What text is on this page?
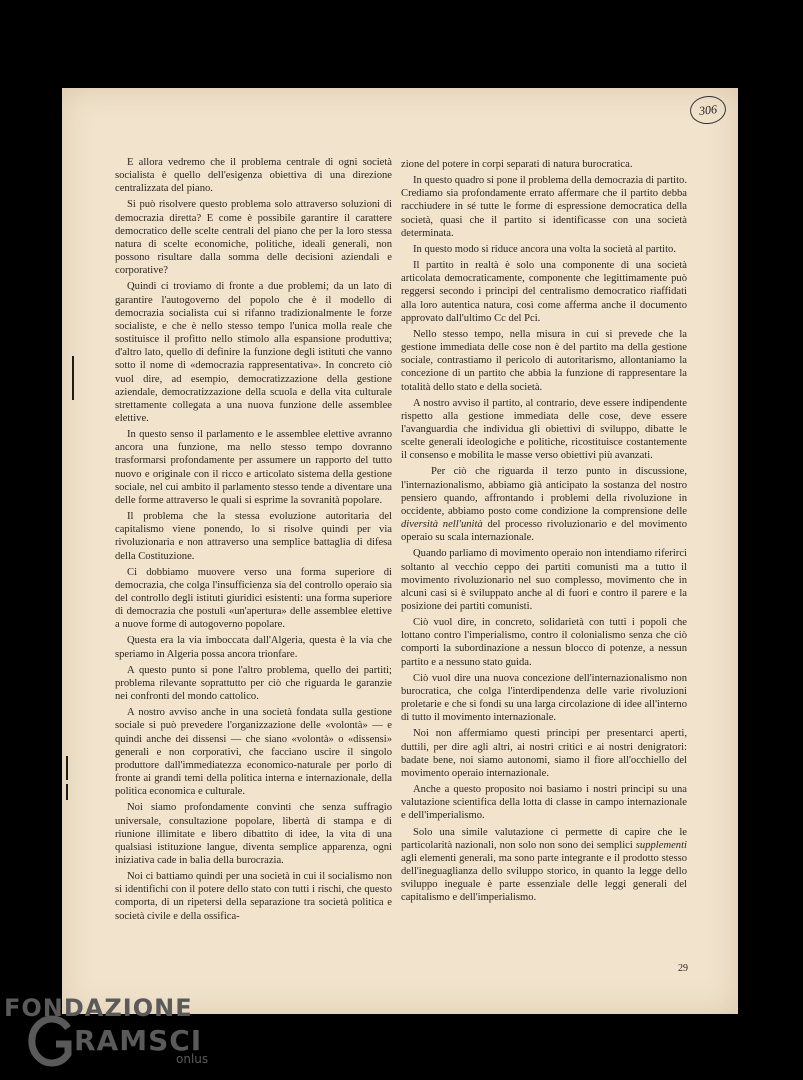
306

E allora vedremo che il problema centrale di ogni società socialista è quello dell'esigenza obiettiva di una direzione centralizzata del piano.

Si può risolvere questo problema solo attraverso soluzioni di democrazia diretta? E come è possibile garantire il carattere democratico delle scelte centrali del piano che per la loro stessa natura di scelte economiche, politiche, ideali generali, non possono risultare dalla somma delle decisioni aziendali e corporative?

Quindi ci troviamo di fronte a due problemi; da un lato di garantire l'autogoverno del popolo che è il modello di democrazia socialista cui si rifanno tradizionalmente le forze socialiste, e che è nello stesso tempo l'unica molla reale che sostituisce il profitto nello stimolo alla espansione produttiva; d'altro lato, quello di definire la funzione degli istituti che vanno sotto il nome di «democrazia rappresentativa». In concreto ciò vuol dire, ad esempio, democratizzazione della gestione aziendale, democratizzazione della scuola e della vita culturale strettamente collegata a una nuova funzione delle assemblee elettive.

In questo senso il parlamento e le assemblee elettive avranno ancora una funzione, ma nello stesso tempo dovranno trasformarsi profondamente per assumere un rapporto del tutto nuovo e originale con il ricco e articolato sistema della gestione sociale, nel cui ambito il parlamento stesso tende a diventare una delle forme attraverso le quali si esprime la sovranità popolare.

Il problema che la stessa evoluzione autoritaria del capitalismo viene ponendo, lo si risolve quindi per via rivoluzionaria e non attraverso una semplice battaglia di difesa della Costituzione.

Ci dobbiamo muovere verso una forma superiore di democrazia, che colga l'insufficienza sia del controllo operaio sia del controllo degli istituti giuridici esistenti: una forma superiore di democrazia che postuli «un'apertura» delle assemblee elettive a nuove forme di autogoverno popolare.

Questa era la via imboccata dall'Algeria, questa è la via che speriamo in Algeria possa ancora trionfare.

A questo punto si pone l'altro problema, quello dei partiti; problema rilevante soprattutto per ciò che riguarda le garanzie nei confronti del mondo cattolico.

A nostro avviso anche in una società fondata sulla gestione sociale si può prevedere l'organizzazione delle «volontà» — e quindi anche dei dissensi — che siano «volontà» o «dissensi» generali e non corporativi, che facciano uscire il singolo produttore dall'immediatezza economico-naturale per porlo di fronte ai grandi temi della politica interna e internazionale, della politica economica e culturale.

Noi siamo profondamente convinti che senza suffragio universale, consultazione popolare, libertà di stampa e di riunione illimitate e libero dibattito di idee, la vita di una qualsiasi istituzione langue, diventa semplice apparenza, ogni iniziativa cade in balia della burocrazia.

Noi ci battiamo quindi per una società in cui il socialismo non si identifichi con il potere dello stato con tutti i rischi, che questo comporta, di un ripetersi della separazione tra società politica e società civile e della ossifica-

zione del potere in corpi separati di natura burocratica.

In questo quadro si pone il problema della democrazia di partito. Crediamo sia profondamente errato affermare che il partito debba racchiudere in sé tutte le forme di espressione democratica della società, quasi che il partito si identificasse con una società determinata.

In questo modo si riduce ancora una volta la società al partito.

Il partito in realtà è solo una componente di una società articolata democraticamente, componente che legittimamente può reggersi secondo i princìpi del centralismo democratico riaffidati alla loro autentica natura, così come afferma anche il documento approvato dall'ultimo Cc del Pci.

Nello stesso tempo, nella misura in cui si prevede che la gestione immediata delle cose non è del partito ma della gestione sociale, contrastiamo il pericolo di autoritarismo, allontaniamo la concezione di un partito che abbia la funzione di rappresentare la totalità dello stato e della società.

A nostro avviso il partito, al contrario, deve essere indipendente rispetto alla gestione immediata delle cose, deve essere l'avanguardia che individua gli obiettivi di sviluppo, dibatte le scelte generali ideologiche e politiche, ricostituisce costantemente il consenso e mobilita le masse verso obiettivi più avanzati.

Per ciò che riguarda il terzo punto in discussione, l'internazionalismo, abbiamo già anticipato la sostanza del nostro pensiero quando, affrontando i problemi della rivoluzione in occidente, abbiamo posto come condizione la comprensione delle diversità nell'unità del processo rivoluzionario e del movimento operaio su scala internazionale.

Quando parliamo di movimento operaio non intendiamo riferirci soltanto al vecchio ceppo dei partiti comunisti ma a tutto il movimento rivoluzionario nel suo complesso, movimento che in alcuni casi si è sviluppato anche al di fuori e contro il parere e la posizione dei partiti comunisti.

Ciò vuol dire, in concreto, solidarietà con tutti i popoli che lottano contro l'imperialismo, contro il colonialismo senza che ciò comporti la subordinazione a nessun blocco di potenze, a nessun partito e a nessuno stato guida.

Ciò vuol dire una nuova concezione dell'internazionalismo non burocratica, che colga l'interdipendenza delle varie rivoluzioni proletarie e che si fondi su una larga circolazione di idee all'interno di tutto il movimento internazionale.

Noi non affermiamo questi princìpi per presentarci aperti, duttili, per dire agli altri, ai nostri critici e ai nostri denigratori: badate bene, noi siamo autonomi, siamo il fiore all'occhiello del movimento operaio internazionale.

Anche a questo proposito noi basiamo i nostri princìpi su una valutazione scientifica della lotta di classe in campo internazionale e dell'imperialismo.

Solo una simile valutazione ci permette di capire che le particolarità nazionali, non solo non sono dei semplici supplementi agli elementi generali, ma sono parte integrante e il prodotto stesso dell'ineguaglianza dello sviluppo storico, in quanto la legge dello sviluppo ineguale è parte essenziale delle leggi generali del capitalismo e dell'imperialismo.

29
FONDAZIONE
RAMSCI
onlus
